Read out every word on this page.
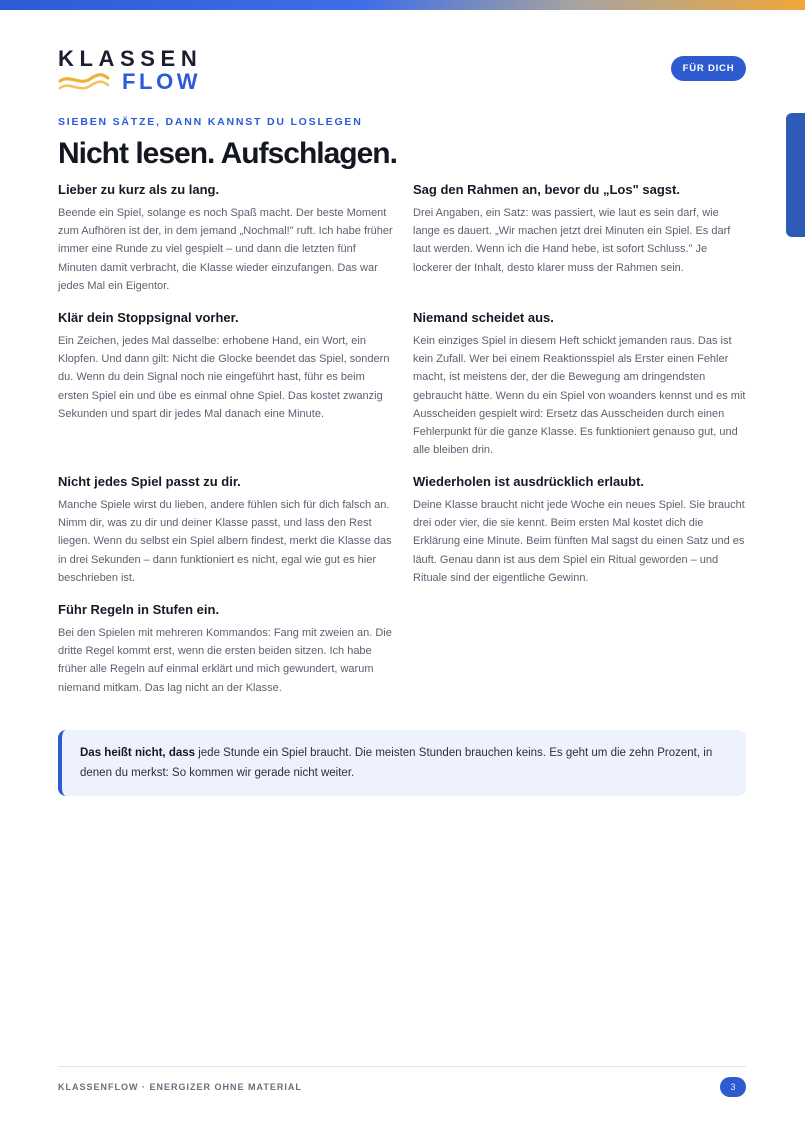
KLASSEN
FLOW
FÜR DICH
SIEBEN SÄTZE, DANN KANNST DU LOSLEGEN
Nicht lesen. Aufschlagen.
Lieber zu kurz als zu lang.

Beende ein Spiel, solange es noch Spaß macht. Der beste Moment zum Aufhören ist der, in dem jemand „Nochmal!" ruft. Ich habe früher immer eine Runde zu viel gespielt – und dann die letzten fünf Minuten damit verbracht, die Klasse wieder einzufangen. Das war jedes Mal ein Eigentor.

Sag den Rahmen an, bevor du „Los" sagst.

Drei Angaben, ein Satz: was passiert, wie laut es sein darf, wie lange es dauert. „Wir machen jetzt drei Minuten ein Spiel. Es darf laut werden. Wenn ich die Hand hebe, ist sofort Schluss." Je lockerer der Inhalt, desto klarer muss der Rahmen sein.

Klär dein Stoppsignal vorher.

Ein Zeichen, jedes Mal dasselbe: erhobene Hand, ein Wort, ein Klopfen. Und dann gilt: Nicht die Glocke beendet das Spiel, sondern du. Wenn du dein Signal noch nie eingeführt hast, führ es beim ersten Spiel ein und übe es einmal ohne Spiel. Das kostet zwanzig Sekunden und spart dir jedes Mal danach eine Minute.

Niemand scheidet aus.

Kein einziges Spiel in diesem Heft schickt jemanden raus. Das ist kein Zufall. Wer bei einem Reaktionsspiel als Erster einen Fehler macht, ist meistens der, der die Bewegung am dringendsten gebraucht hätte. Wenn du ein Spiel von woanders kennst und es mit Ausscheiden gespielt wird: Ersetz das Ausscheiden durch einen Fehlerpunkt für die ganze Klasse. Es funktioniert genauso gut, und alle bleiben drin.

Nicht jedes Spiel passt zu dir.

Manche Spiele wirst du lieben, andere fühlen sich für dich falsch an. Nimm dir, was zu dir und deiner Klasse passt, und lass den Rest liegen. Wenn du selbst ein Spiel albern findest, merkt die Klasse das in drei Sekunden – dann funktioniert es nicht, egal wie gut es hier beschrieben ist.

Wiederholen ist ausdrücklich erlaubt.

Deine Klasse braucht nicht jede Woche ein neues Spiel. Sie braucht drei oder vier, die sie kennt. Beim ersten Mal kostet dich die Erklärung eine Minute. Beim fünften Mal sagst du einen Satz und es läuft. Genau dann ist aus dem Spiel ein Ritual geworden – und Rituale sind der eigentliche Gewinn.

Führ Regeln in Stufen ein.

Bei den Spielen mit mehreren Kommandos: Fang mit zweien an. Die dritte Regel kommt erst, wenn die ersten beiden sitzen. Ich habe früher alle Regeln auf einmal erklärt und mich gewundert, warum niemand mitkam. Das lag nicht an der Klasse.

Das heißt nicht, dass jede Stunde ein Spiel braucht. Die meisten Stunden brauchen keins. Es geht um die zehn Prozent, in denen du merkst: So kommen wir gerade nicht weiter.
KLASSENFLOW · ENERGIZER OHNE MATERIAL	3
